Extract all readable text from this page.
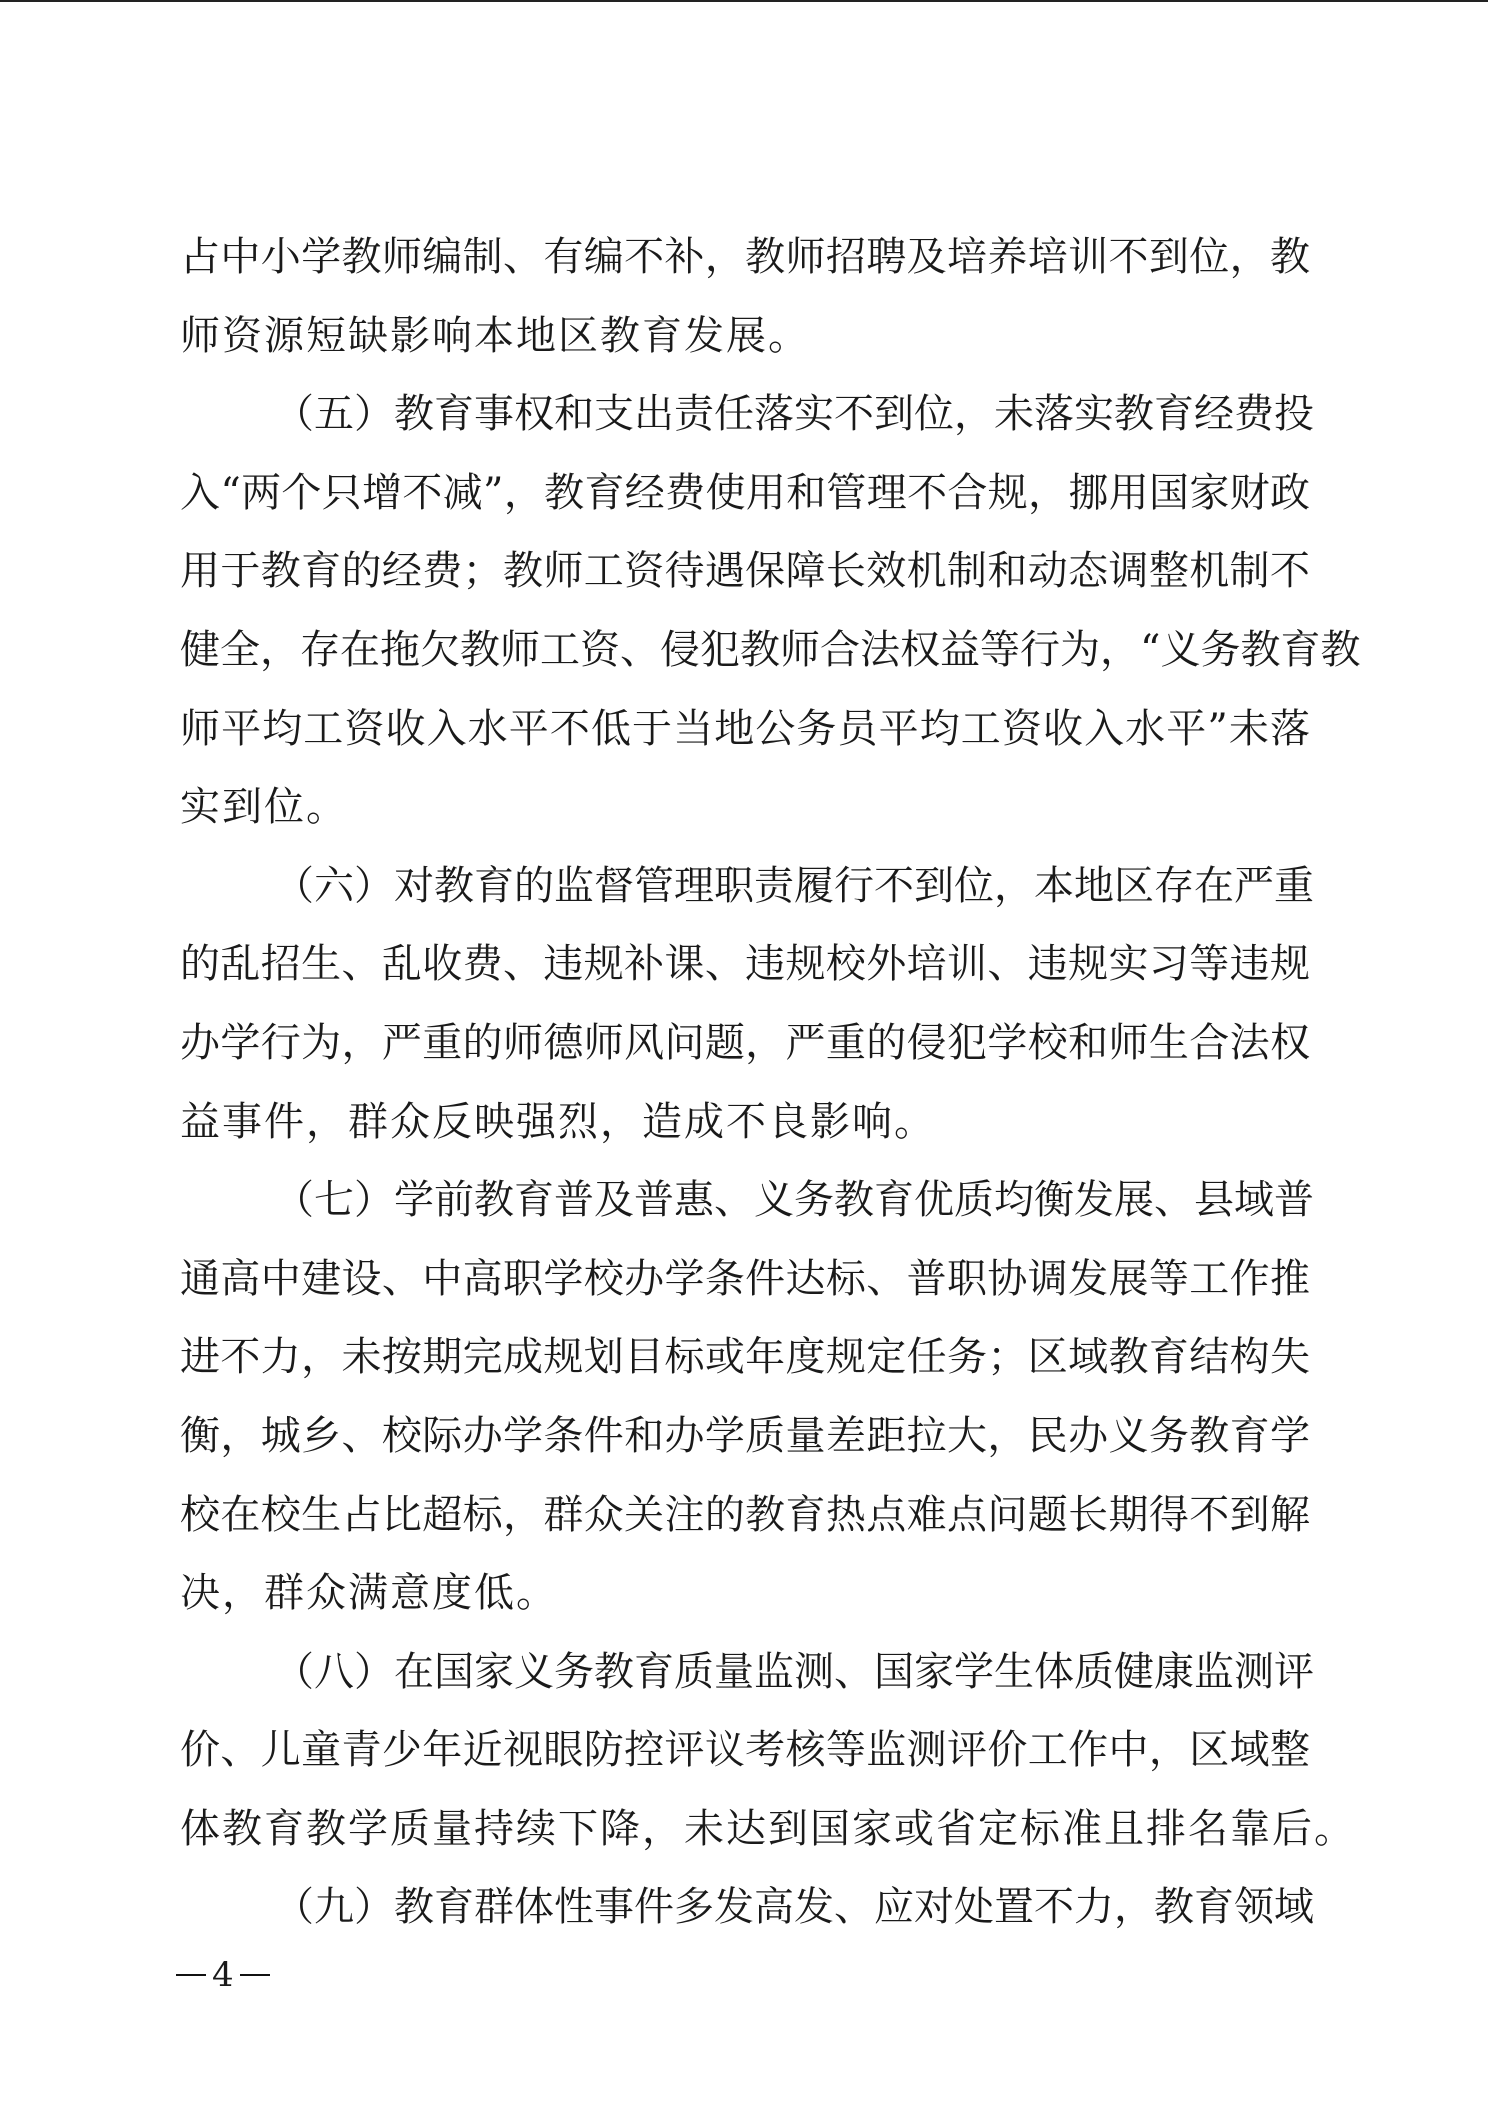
占中小学教师编制、有编不补，教师招聘及培养培训不到位，教
师资源短缺影响本地区教育发展。
（五）教育事权和支出责任落实不到位，未落实教育经费投
入“两个只增不减”，教育经费使用和管理不合规，挪用国家财政
用于教育的经费；教师工资待遇保障长效机制和动态调整机制不
健全，存在拖欠教师工资、侵犯教师合法权益等行为，“义务教育教
师平均工资收入水平不低于当地公务员平均工资收入水平”未落
实到位。
（六）对教育的监督管理职责履行不到位，本地区存在严重
的乱招生、乱收费、违规补课、违规校外培训、违规实习等违规
办学行为，严重的师德师风问题，严重的侵犯学校和师生合法权
益事件，群众反映强烈，造成不良影响。
（七）学前教育普及普惠、义务教育优质均衡发展、县域普
通高中建设、中高职学校办学条件达标、普职协调发展等工作推
进不力，未按期完成规划目标或年度规定任务；区域教育结构失
衡，城乡、校际办学条件和办学质量差距拉大，民办义务教育学
校在校生占比超标，群众关注的教育热点难点问题长期得不到解
决，群众满意度低。
（八）在国家义务教育质量监测、国家学生体质健康监测评
价、儿童青少年近视眼防控评议考核等监测评价工作中，区域整
体教育教学质量持续下降，未达到国家或省定标准且排名靠后。
（九）教育群体性事件多发高发、应对处置不力，教育领域
4
